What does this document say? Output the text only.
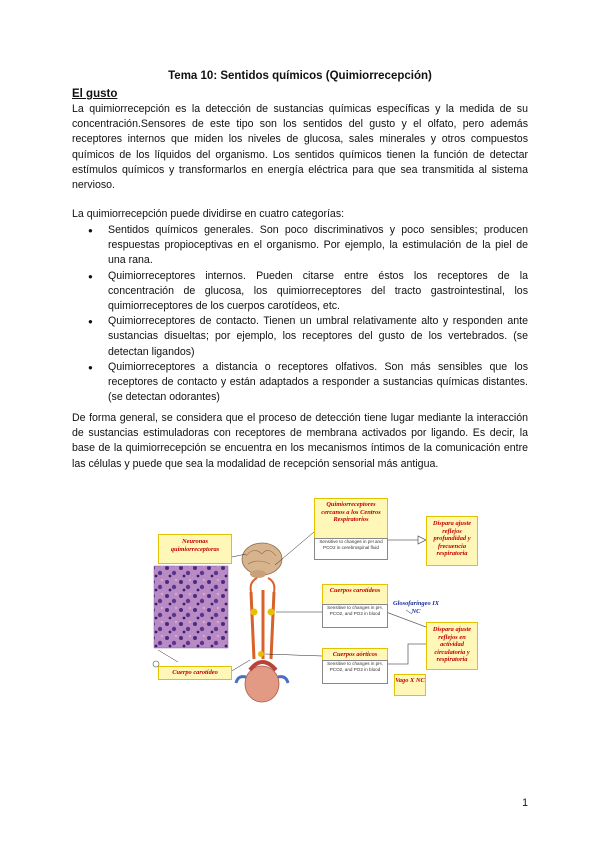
Tema 10: Sentidos químicos (Quimiorrecepción)
El gusto
La quimiorrecepción es la detección de sustancias químicas específicas y la medida de su concentración.Sensores de este tipo son los sentidos del gusto y el olfato, pero además receptores internos que miden los niveles de glucosa, sales minerales y otros compuestos químicos de los líquidos del organismo. Los sentidos químicos tienen la función de detectar estímulos químicos y transformarlos en energía eléctrica para que sea transmitida al sistema nervioso.
La quimiorrecepción puede dividirse en cuatro categorías:
● Sentidos químicos generales. Son poco discriminativos y poco sensibles; producen respuestas propioceptivas en el organismo. Por ejemplo, la estimulación de la piel de una rana.
● Quimiorreceptores internos. Pueden citarse entre éstos los receptores de la concentración de glucosa, los quimiorreceptores del tracto gastrointestinal, los quimiorreceptores de los cuerpos carotídeos, etc.
● Quimiorreceptores de contacto. Tienen un umbral relativamente alto y responden ante sustancias disueltas; por ejemplo, los receptores del gusto de los vertebrados. (se detectan ligandos)
● Quimiorreceptores a distancia o receptores olfativos. Son más sensibles que los receptores de contacto y están adaptados a responder a sustancias químicas distantes. (se detectan odorantes)
De forma general, se considera que el proceso de detección tiene lugar mediante la interacción de sustancias estimuladoras con receptores de membrana activados por ligando. Es decir, la base de la quimiorrecepción se encuentra en los mecanismos íntimos de la comunicación entre las células y puede que sea la modalidad de recepción sensorial más antigua.
Neuronas quimiorreceptoras
Cuerpo carotídeo
Quimiorreceptores cercanos a los Centros Respiratorios
Sensitive to changes in pH and PCO2 in cerebrospinal fluid
Cuerpos carotídeos
Sensitive to changes in pH, PCO2, and PO2 in blood
Cuerpos aórticos
Sensitive to changes in pH, PCO2, and PO2 in blood
Glosofaríngeo IX NC
Dispara ajuste reflejos profundidad y frecuencia respiratoria
Dispara ajuste reflejos en actividad circulatoria y respiratoria
Vago X NC
1
